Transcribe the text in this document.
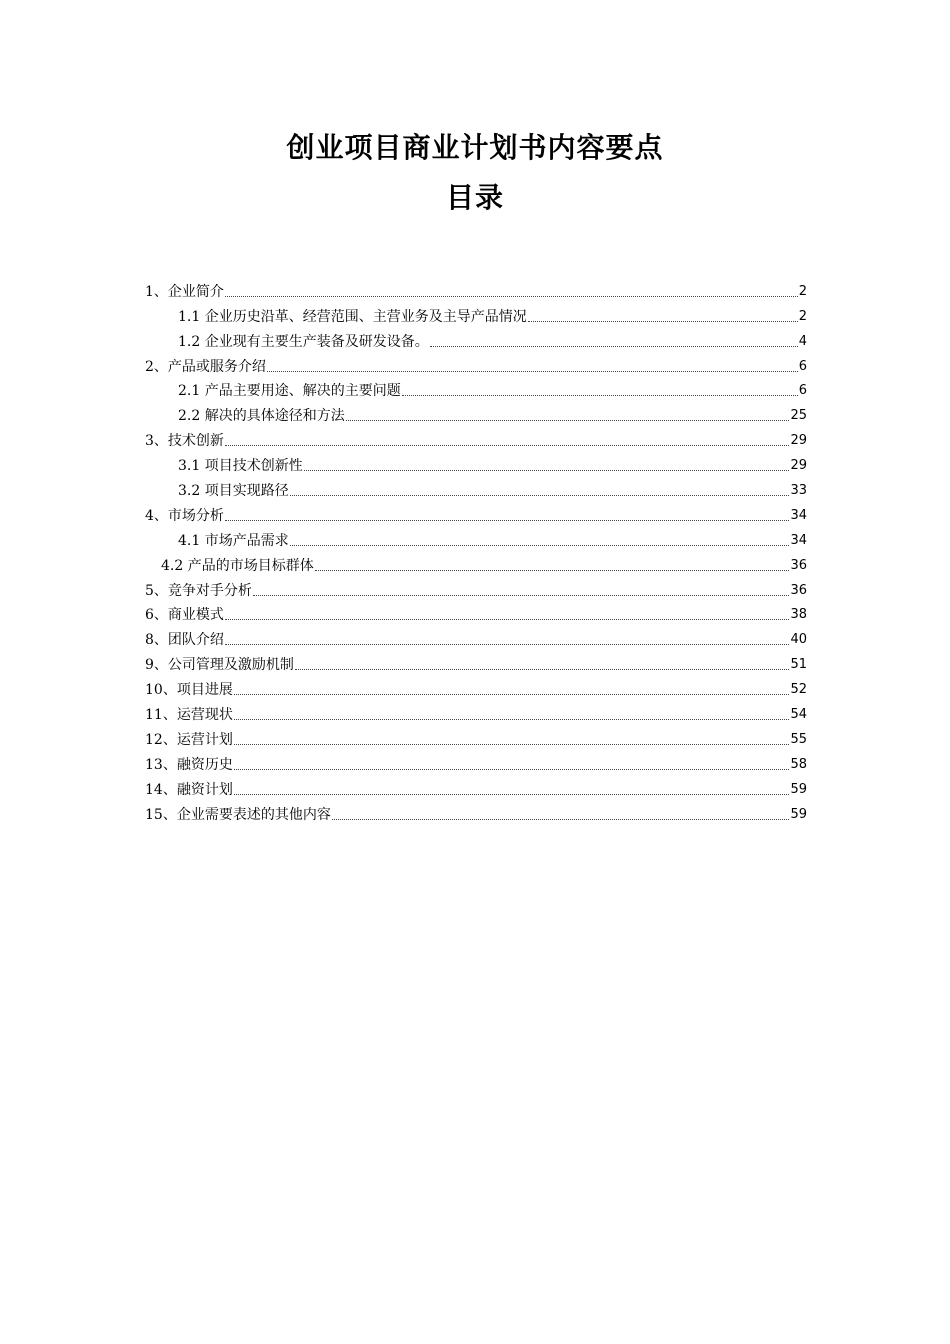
创业项目商业计划书内容要点
目录
1、企业简介	2
1.1 企业历史沿革、经营范围、主营业务及主导产品情况	2
1.2 企业现有主要生产装备及研发设备。	4
2、产品或服务介绍	6
2.1 产品主要用途、解决的主要问题	6
2.2 解决的具体途径和方法	25
3、技术创新	29
3.1 项目技术创新性	29
3.2 项目实现路径	33
4、市场分析	34
4.1 市场产品需求	34
4.2 产品的市场目标群体	36
5、竞争对手分析	36
6、商业模式	38
8、团队介绍	40
9、公司管理及激励机制	51
10、项目进展	52
11、运营现状	54
12、运营计划	55
13、融资历史	58
14、融资计划	59
15、企业需要表述的其他内容	59
